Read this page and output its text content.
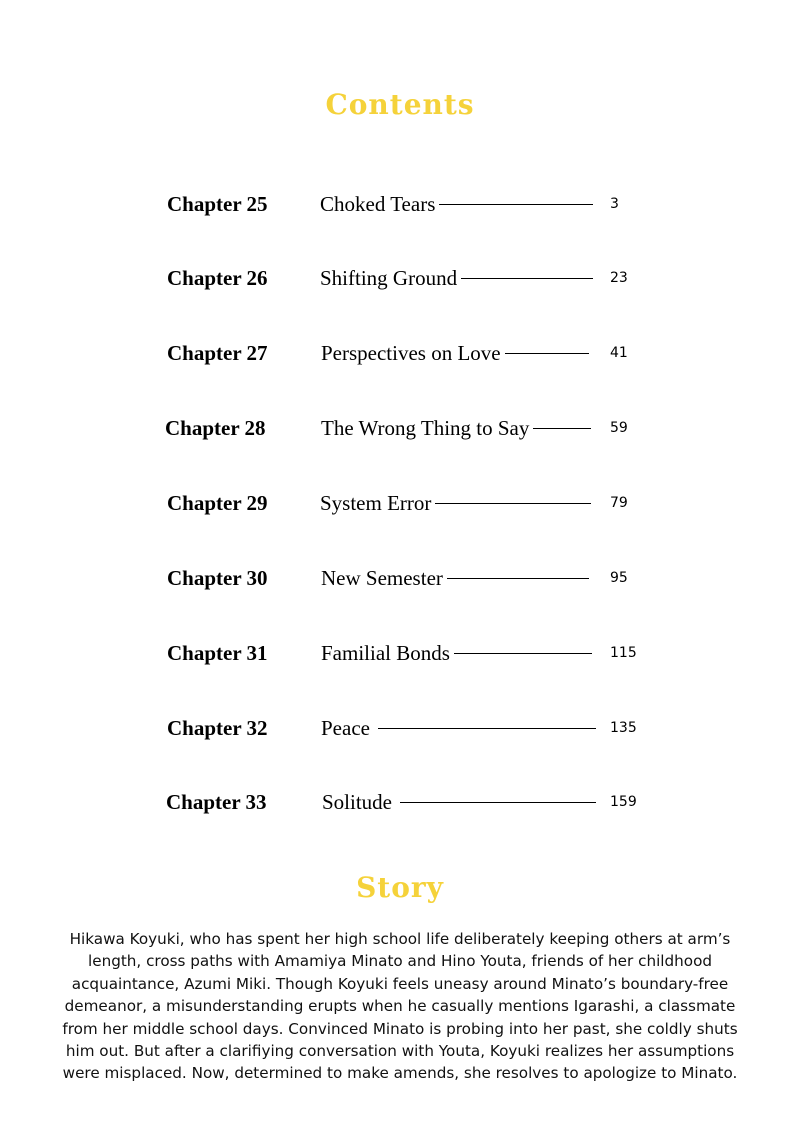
Contents
Chapter 25 Choked Tears	3
Chapter 26 Shifting Ground	23
Chapter 27	Perspectives on Love	41
Chapter 28	The Wrong Thing to Say	59
Chapter 29 System Error	79
Chapter 30	New Semester	95
Chapter 31	Familial Bonds	115
Chapter 32	Peace	135
Chapter 33	Solitude	159
Story

Hikawa Koyuki, who has spent her high school life deliberately keeping others at arm’s length, cross paths with Amamiya Minato and Hino Youta, friends of her childhood acquaintance, Azumi Miki. Though Koyuki feels uneasy around Minato’s boundary-free demeanor, a misunderstanding erupts when he casually mentions Igarashi, a classmate from her middle school days. Convinced Minato is probing into her past, she coldly shuts him out. But after a clarifiying conversation with Youta, Koyuki realizes her assumptions were misplaced. Now, determined to make amends, she resolves to apologize to Minato.
